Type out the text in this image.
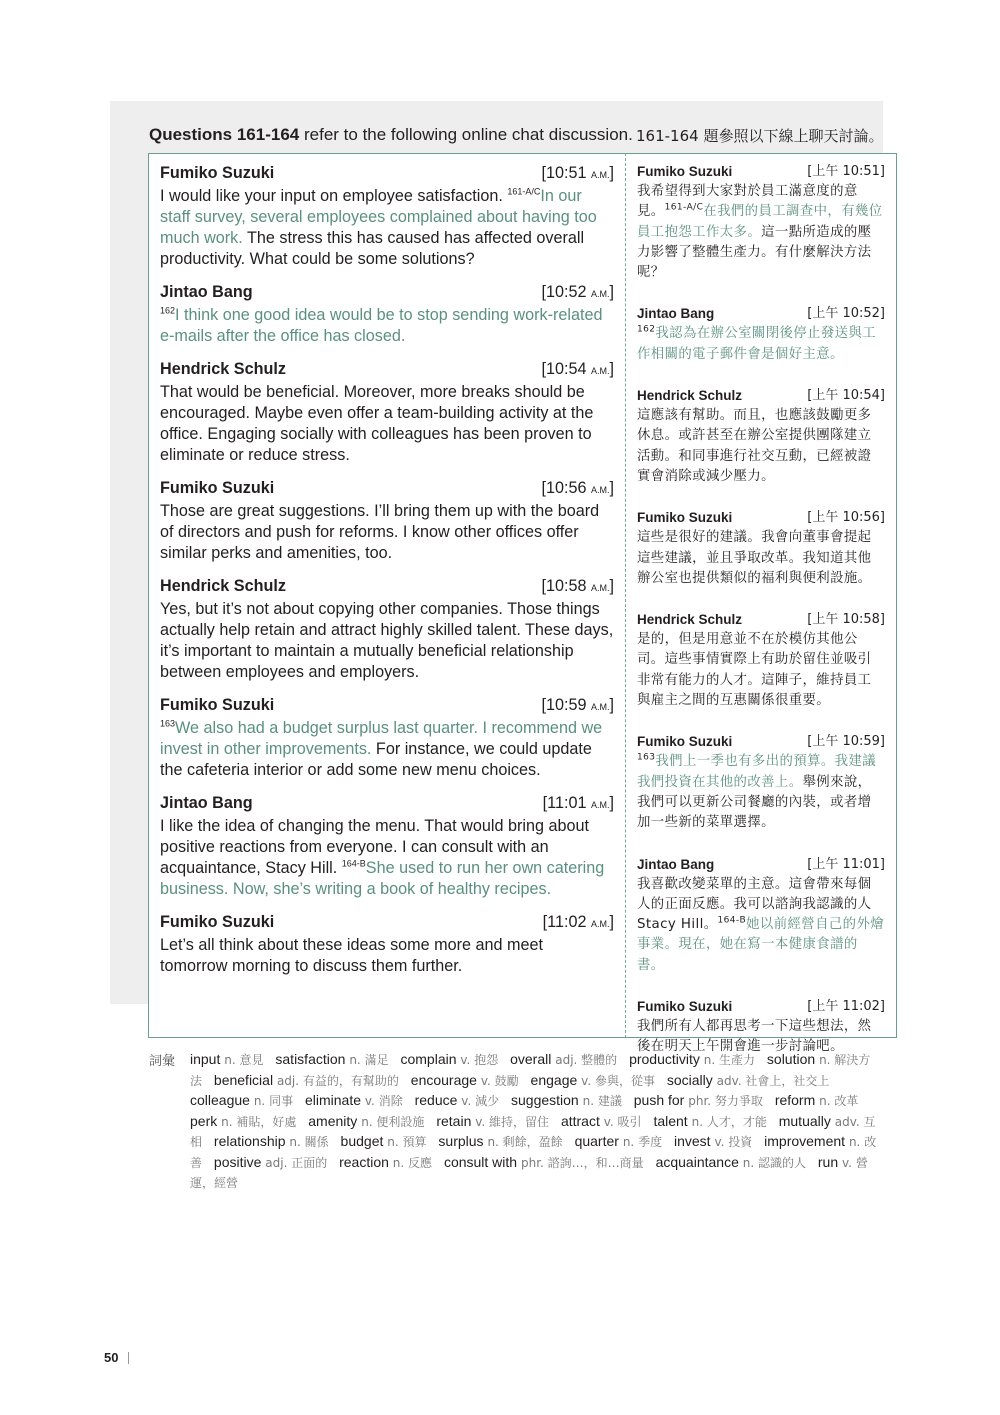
Questions 161-164 refer to the following online chat discussion. 161-164 題參照以下線上聊天討論。
Fumiko Suzuki	[10:51 A.M.]
I would like your input on employee satisfaction. $^{161-A/C}$In our staff survey, several employees complained about having too much work. The stress this has caused has affected overall productivity. What could be some solutions?
Jintao Bang	[10:52 A.M.]
$^{162}$I think one good idea would be to stop sending work-related e-mails after the office has closed.
Hendrick Schulz	[10:54 A.M.]
That would be beneficial. Moreover, more breaks should be encouraged. Maybe even offer a team-building activity at the office. Engaging socially with colleagues has been proven to eliminate or reduce stress.
Fumiko Suzuki	[10:56 A.M.]
Those are great suggestions. I’ll bring them up with the board of directors and push for reforms. I know other offices offer similar perks and amenities, too.
Hendrick Schulz	[10:58 A.M.]
Yes, but it’s not about copying other companies. Those things actually help retain and attract highly skilled talent. These days, it’s important to maintain a mutually beneficial relationship between employees and employers.
Fumiko Suzuki	[10:59 A.M.]
$^{163}$We also had a budget surplus last quarter. I recommend we invest in other improvements. For instance, we could update the cafeteria interior or add some new menu choices.
Jintao Bang	[11:01 A.M.]
I like the idea of changing the menu. That would bring about positive reactions from everyone. I can consult with an acquaintance, Stacy Hill. $^{164-B}$She used to run her own catering business. Now, she’s writing a book of healthy recipes.
Fumiko Suzuki	[11:02 A.M.]
Let’s all think about these ideas some more and meet tomorrow morning to discuss them further.
Fumiko Suzuki	[上午 10:51]
我希望得到大家對於員工滿意度的意見。$^{161-A/C}$在我們的員工調查中，有幾位員工抱怨工作太多。這一點所造成的壓力影響了整體生產力。有什麼解決方法呢？
Jintao Bang	[上午 10:52]
$^{162}$我認為在辦公室關閉後停止發送與工作相關的電子郵件會是個好主意。
Hendrick Schulz	[上午 10:54]
這應該有幫助。而且，也應該鼓勵更多休息。或許甚至在辦公室提供團隊建立活動。和同事進行社交互動，已經被證實會消除或減少壓力。
Fumiko Suzuki	[上午 10:56]
這些是很好的建議。我會向董事會提起這些建議，並且爭取改革。我知道其他辦公室也提供類似的福利與便利設施。
Hendrick Schulz	[上午 10:58]
是的，但是用意並不在於模仿其他公司。這些事情實際上有助於留住並吸引非常有能力的人才。這陣子，維持員工與雇主之間的互惠關係很重要。
Fumiko Suzuki	[上午 10:59]
$^{163}$我們上一季也有多出的預算。我建議我們投資在其他的改善上。舉例來說，我們可以更新公司餐廳的內裝，或者增加一些新的菜單選擇。
Jintao Bang	[上午 11:01]
我喜歡改變菜單的主意。這會帶來每個人的正面反應。我可以諮詢我認識的人 Stacy Hill。$^{164-B}$她以前經營自己的外燴事業。現在，她在寫一本健康食譜的書。
Fumiko Suzuki	[上午 11:02]
我們所有人都再思考一下這些想法，然後在明天上午開會進一步討論吧。
詞彙 input n. 意見 satisfaction n. 滿足 complain v. 抱怨 overall adj. 整體的 productivity n. 生產力 solution n. 解決方法 beneficial adj. 有益的，有幫助的 encourage v. 鼓勵 engage v. 參與，從事 socially adv. 社會上，社交上 colleague n. 同事 eliminate v. 消除 reduce v. 減少 suggestion n. 建議 push for phr. 努力爭取 reform n. 改革 perk n. 補貼，好處 amenity n. 便利設施 retain v. 維持，留住 attract v. 吸引 talent n. 人才，才能 mutually adv. 互相 relationship n. 關係 budget n. 預算 surplus n. 剩餘，盈餘 quarter n. 季度 invest v. 投資 improvement n. 改善 positive adj. 正面的 reaction n. 反應 consult with phr. 諮詢…，和…商量 acquaintance n. 認識的人 run v. 營運，經營
50
